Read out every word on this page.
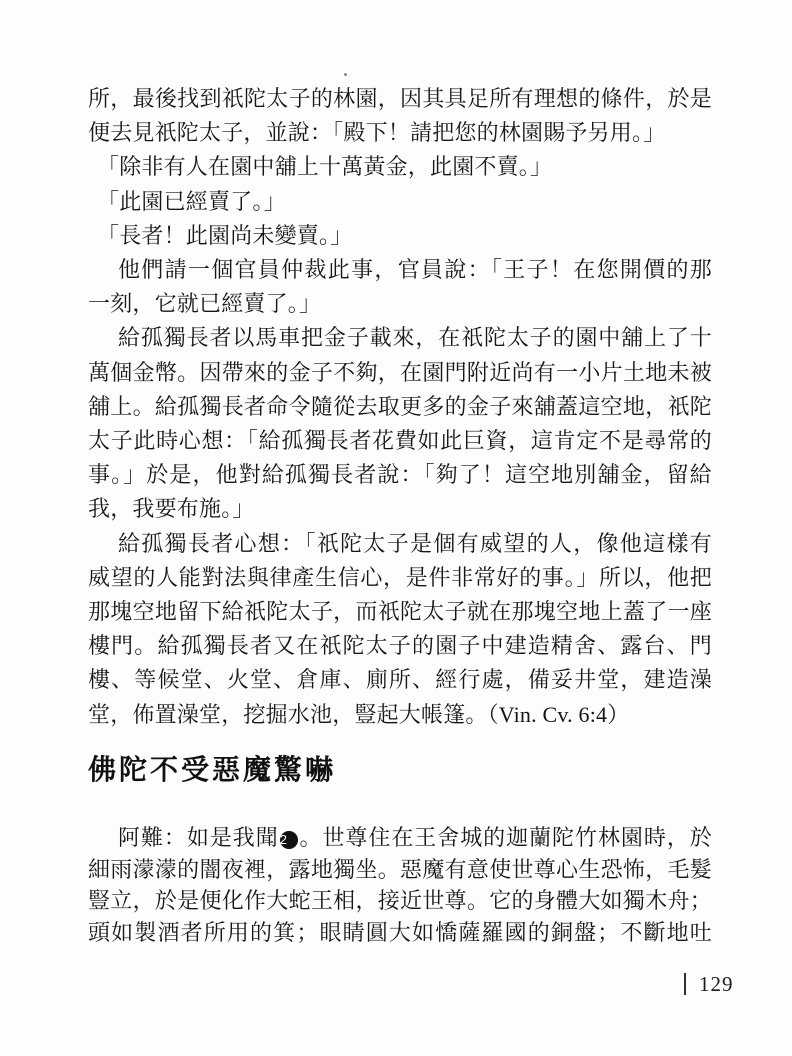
所，最後找到祇陀太子的林園，因其具足所有理想的條件，於是
便去見祇陀太子，並說：「殿下！請把您的林園賜予另用。」
「除非有人在園中舖上十萬黃金，此園不賣。」
「此園已經賣了。」
「長者！此園尚未變賣。」
他們請一個官員仲裁此事，官員說：「王子！在您開價的那
一刻，它就已經賣了。」
給孤獨長者以馬車把金子載來，在祇陀太子的園中舖上了十
萬個金幣。因帶來的金子不夠，在園門附近尚有一小片土地未被
舖上。給孤獨長者命令隨從去取更多的金子來舖蓋這空地，祇陀
太子此時心想：「給孤獨長者花費如此巨資，這肯定不是尋常的
事。」於是，他對給孤獨長者說：「夠了！這空地別舖金，留給
我，我要布施。」
給孤獨長者心想：「祇陀太子是個有威望的人，像他這樣有
威望的人能對法與律產生信心，是件非常好的事。」所以，他把
那塊空地留下給祇陀太子，而祇陀太子就在那塊空地上蓋了一座
樓門。給孤獨長者又在祇陀太子的園子中建造精舍、露台、門
樓、等候堂、火堂、倉庫、廁所、經行處，備妥井堂，建造澡
堂，佈置澡堂，挖掘水池，豎起大帳篷。（Vin. Cv. 6:4）
佛陀不受惡魔驚嚇
阿難：如是我聞2 。世尊住在王舍城的迦蘭陀竹林園時，於
細雨濛濛的闇夜裡，露地獨坐。惡魔有意使世尊心生恐怖，毛髮
豎立，於是便化作大蛇王相，接近世尊。它的身體大如獨木舟；
頭如製酒者所用的箕；眼睛圓大如憍薩羅國的銅盤；不斷地吐
129
